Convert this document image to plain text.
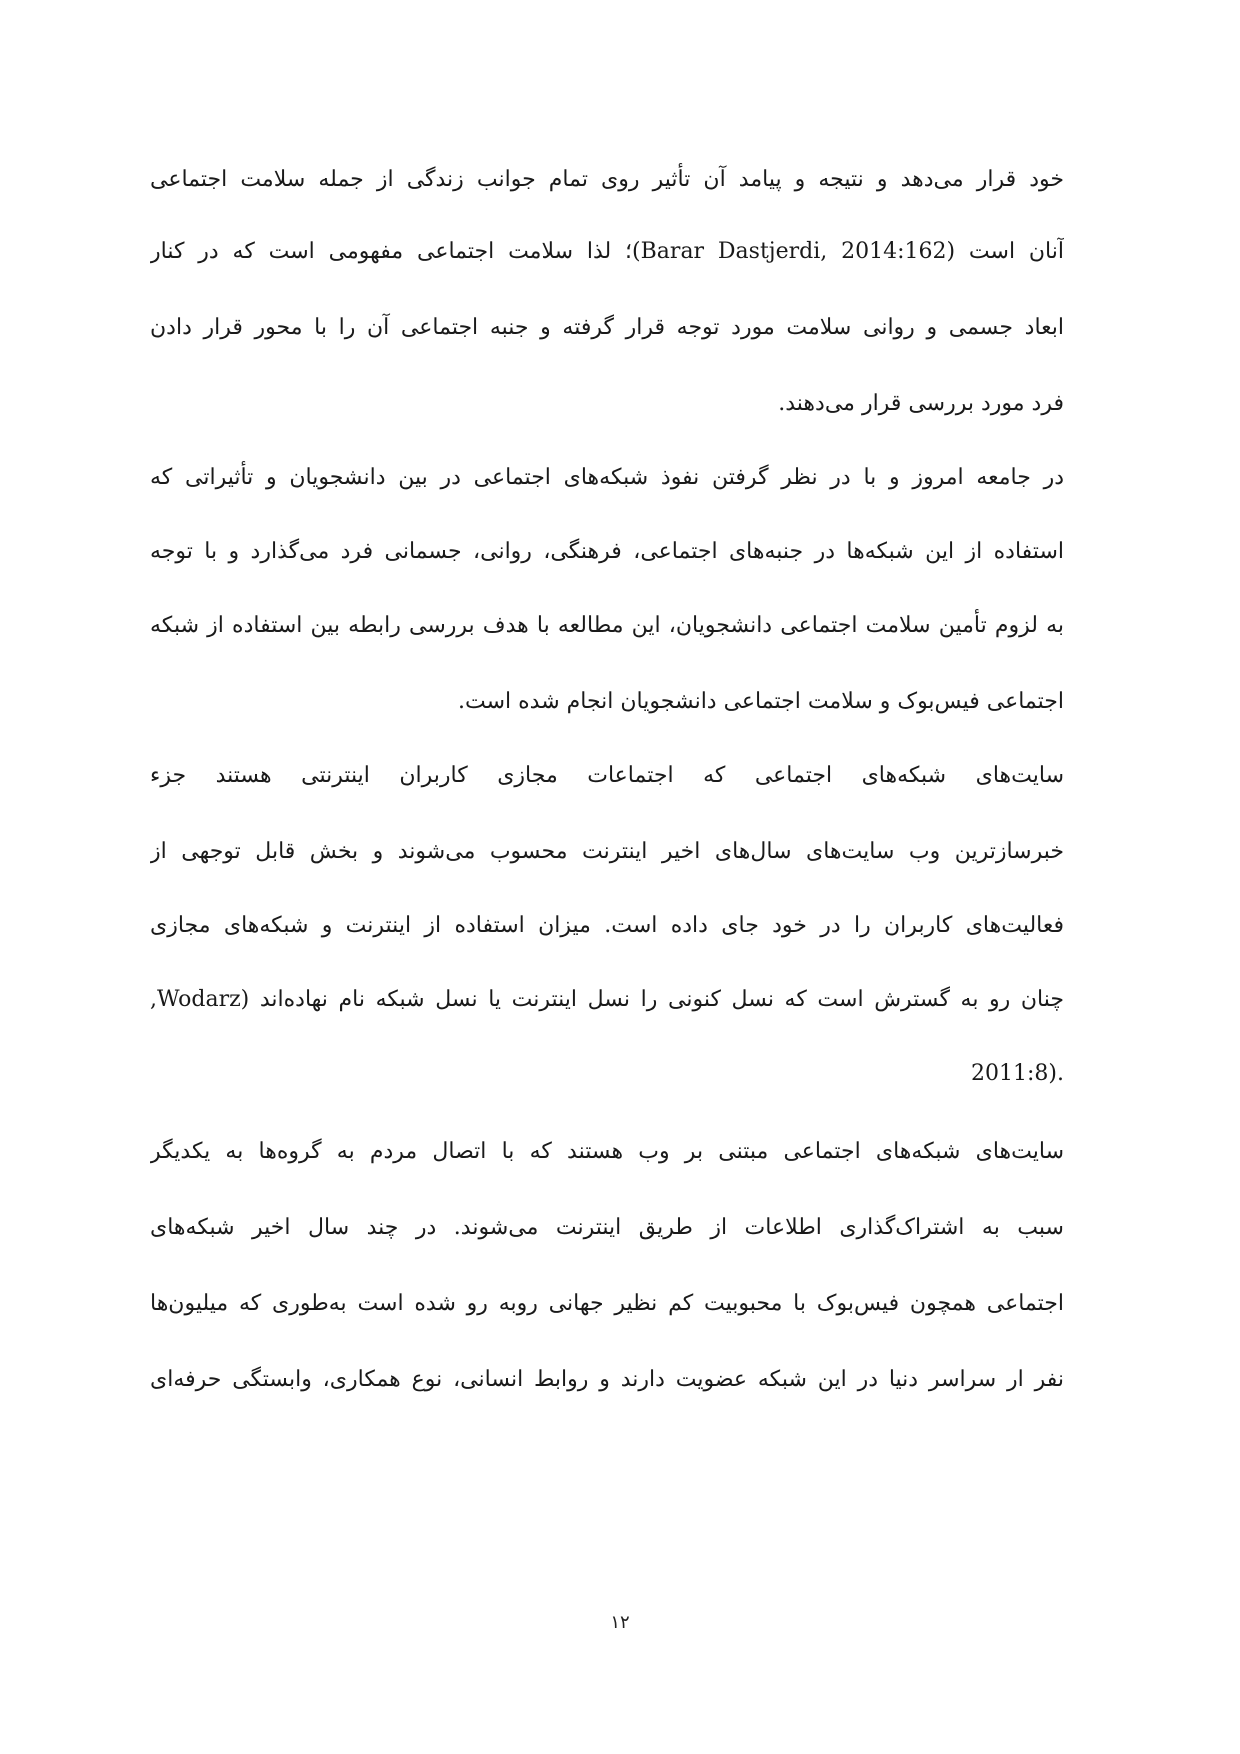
خود قرار می‌دهد و نتیجه و پیامد آن تأثیر روی تمام جوانب زندگی از جمله سلامت اجتماعی
آنان است (Barar Dastjerdi, 2014:162)؛ لذا سلامت اجتماعی مفهومی است که در کنار
ابعاد جسمی و روانی سلامت مورد توجه قرار گرفته و جنبه اجتماعی آن را با محور قرار دادن
فرد مورد بررسی قرار می‌دهند.
در جامعه امروز و با در نظر گرفتن نفوذ شبکه‌های اجتماعی در بین دانشجویان و تأثیراتی که
استفاده از این شبکه‌ها در جنبه‌های اجتماعی، فرهنگی، روانی، جسمانی فرد می‌گذارد و با توجه
به لزوم تأمین سلامت اجتماعی دانشجویان، این مطالعه با هدف بررسی رابطه بین استفاده از شبکه
اجتماعی فیس‌بوک و سلامت اجتماعی دانشجویان انجام شده است.
سایت‌های شبکه‌های اجتماعی که اجتماعات مجازی کاربران اینترنتی هستند جزء
خبرسازترین وب سایت‌های سال‌های اخیر اینترنت محسوب می‌شوند و بخش قابل توجهی از
فعالیت‌های کاربران را در خود جای داده است. میزان استفاده از اینترنت و شبکه‌های مجازی
چنان رو به گسترش است که نسل کنونی را نسل اینترنت یا نسل شبکه نام نهاده‌اند (Wodarz,
2011:8).
سایت‌های شبکه‌های اجتماعی مبتنی بر وب هستند که با اتصال مردم به گروه‌ها به یکدیگر
سبب به اشتراک‌گذاری اطلاعات از طریق اینترنت می‌شوند. در چند سال اخیر شبکه‌های
اجتماعی همچون فیس‌بوک با محبوبیت کم نظیر جهانی روبه رو شده است به‌طوری که میلیون‌ها
نفر ار سراسر دنیا در این شبکه عضویت دارند و روابط انسانی، نوع همکاری، وابستگی حرفه‌ای
۱۲
